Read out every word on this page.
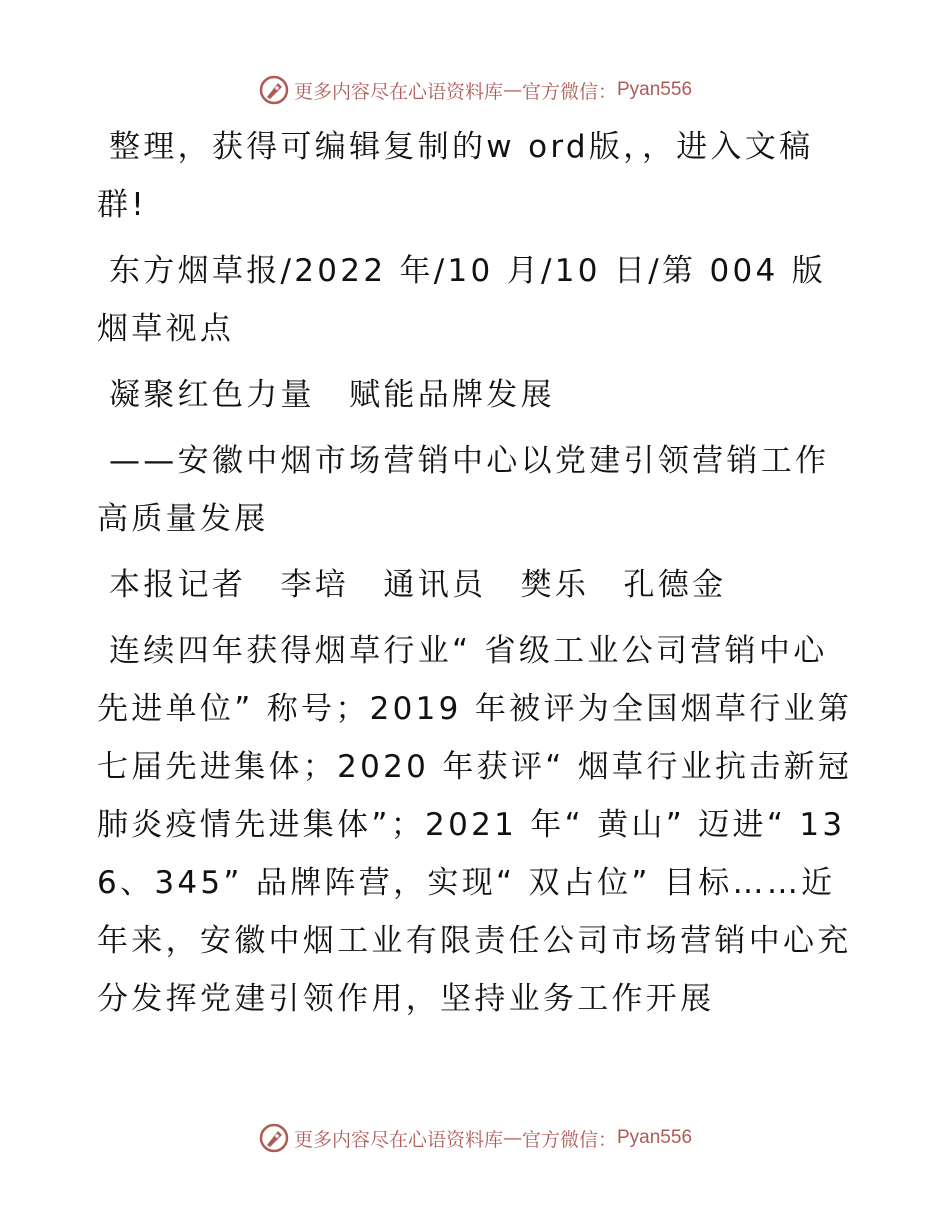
更多内容尽在心语资料库 — 官方微信： Pyan556

整理，获得可编辑复制的w ord版，，进入文稿群!

东方烟草报/2022 年/10 月/10 日/第 004 版烟草视点

凝聚红色力量　赋能品牌发展

——安徽中烟市场营销中心以党建引领营销工作高质量发展

本报记者　李培　通讯员　樊乐　孔德金

连续四年获得烟草行业“ 省级工业公司营销中心先进单位” 称号；2019 年被评为全国烟草行业第七届先进集体；2020 年获评“ 烟草行业抗击新冠肺炎疫情先进集体”；2021 年“ 黄山” 迈进“ 136、345” 品牌阵营，实现“ 双占位” 目标……近年来，安徽中烟工业有限责任公司市场营销中心充分发挥党建引领作用，坚持业务工作开展

更多内容尽在心语资料库 — 官方微信： Pyan556
